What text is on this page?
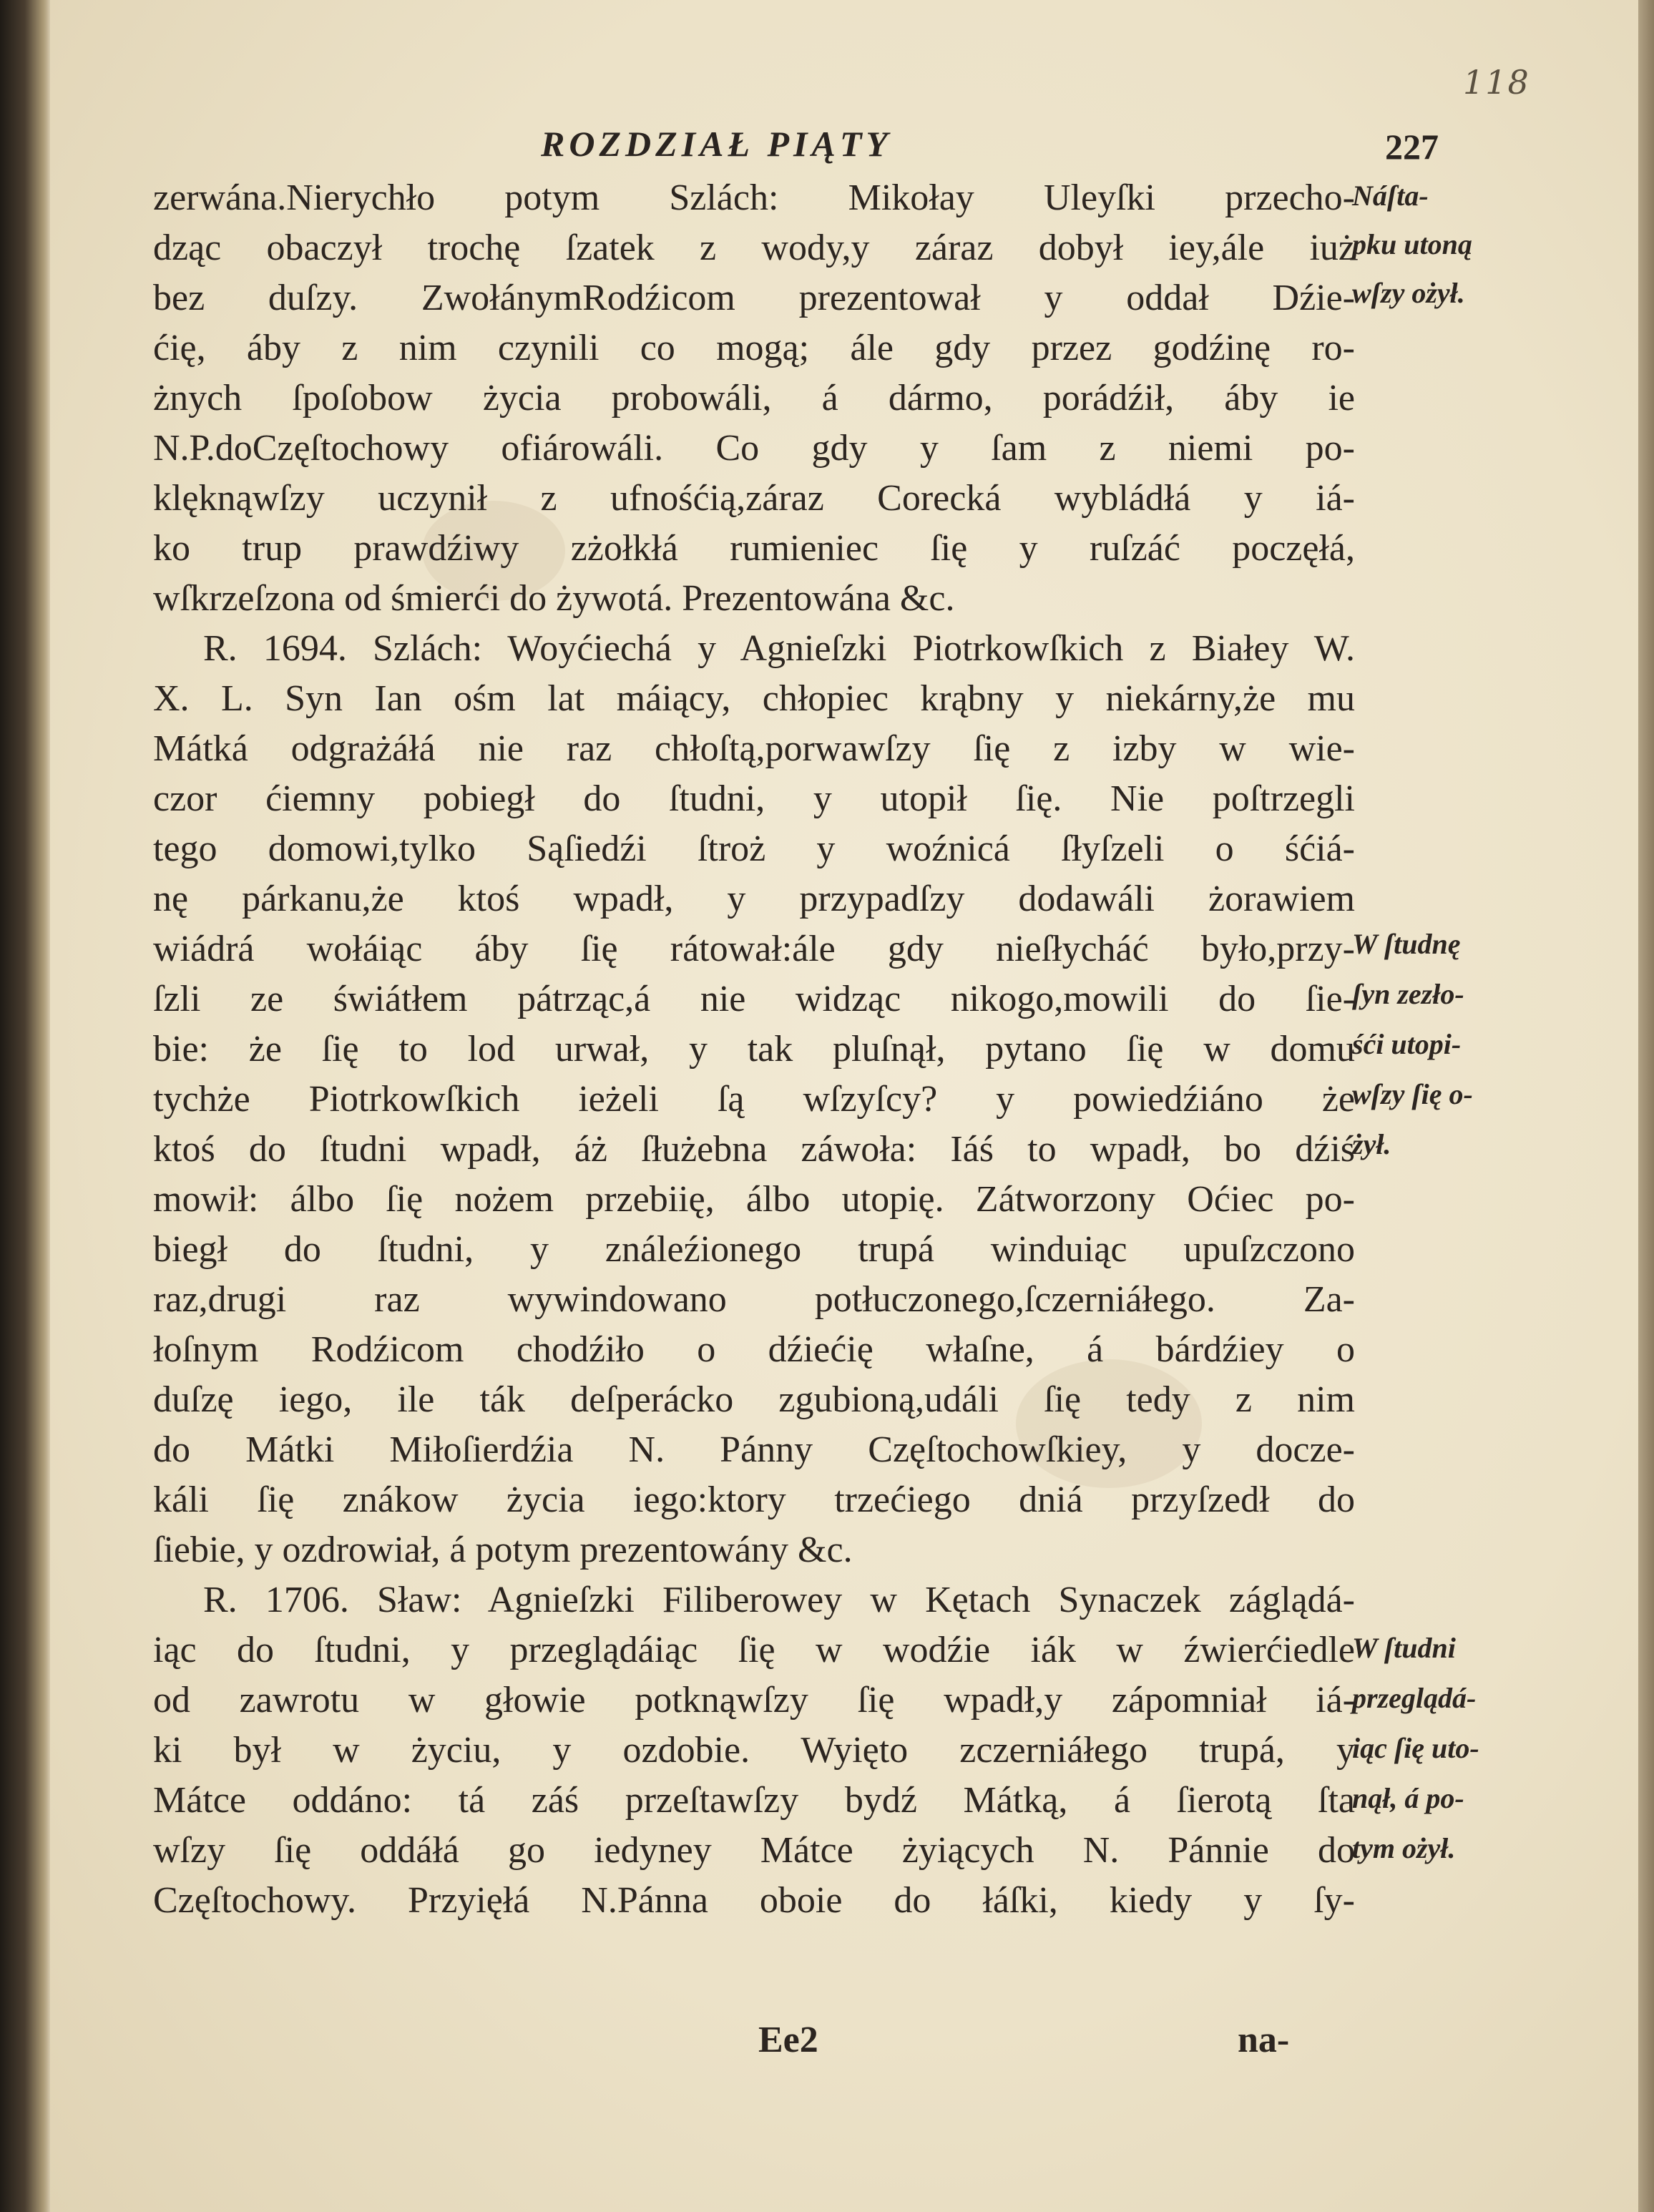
118
ROZDZIAŁ PIĄTY	227
zerwána.Nierychło potym Szlách: Mikołay Uleyſki przecho-
dząc obaczył trochę ſzatek z wody,y záraz dobył iey,ále iuż
bez duſzy. ZwołánymRodźicom prezentował y oddał Dźie-
ćię, áby z nim czynili co mogą; ále gdy przez godźinę ro-
żnych ſpoſobow życia probowáli, á dármo, porádźił, áby ie
N.P.doCzęſtochowy ofiárowáli. Co gdy y ſam z niemi po-
klęknąwſzy uczynił z ufnośćią,záraz Corecká wybládłá y iá-
ko trup prawdźiwy zżołkłá rumieniec ſię y ruſzáć poczęłá,
wſkrzeſzona od śmierći do żywotá. Prezentowána &c.
R. 1694. Szlách: Woyćiechá y Agnieſzki Piotrkowſkich z Białey W.
X. L. Syn Ian ośm lat máiący, chłopiec krąbny y niekárny,że mu
Mátká odgrażáłá nie raz chłoſtą,porwawſzy ſię z izby w wie-
czor ćiemny pobiegł do ſtudni, y utopił ſię. Nie poſtrzegli
tego domowi,tylko Sąſiedźi ſtroż y woźnicá ſłyſzeli o śćiá-
nę párkanu,że ktoś wpadł, y przypadſzy dodawáli żorawiem
wiádrá wołáiąc áby ſię rátował:ále gdy nieſłycháć było,przy-
ſzli ze świátłem pátrząc,á nie widząc nikogo,mowili do ſie-
bie: że ſię to lod urwał, y tak pluſnął, pytano ſię w domu
tychże Piotrkowſkich ieżeli ſą wſzyſcy? y powiedźiáno że
ktoś do ſtudni wpadł, áż ſłużebna záwoła: Iáś to wpadł, bo dźiś
mowił: álbo ſię nożem przebiię, álbo utopię. Zátworzony Oćiec po-
biegł do ſtudni, y ználeźionego trupá winduiąc upuſzczono
raz,drugi raz wywindowano potłuczonego,ſczerniáłego. Za-
łoſnym Rodźicom chodźiło o dźiećię właſne, á bárdźiey o
duſzę iego, ile ták deſperácko zgubioną,událi ſię tedy z nim
do Mátki Miłoſierdźia N. Pánny Częſtochowſkiey, y docze-
káli ſię znákow życia iego:ktory trzećiego dniá przyſzedł do
ſiebie, y ozdrowiał, á potym prezentowány &c.
R. 1706. Sław: Agnieſzki Filiberowey w Kętach Synaczek záglądá-
iąc do ſtudni, y przeglądáiąc ſię w wodźie iák w źwierćiedle
od zawrotu w głowie potknąwſzy ſię wpadł,y zápomniał iá-
ki był w życiu, y ozdobie. Wyięto zczerniáłego trupá, y
Mátce oddáno: tá záś przeſtawſzy bydź Mátką, á ſierotą ſta
wſzy ſię oddáłá go iedyney Mátce żyiących N. Pánnie do
Częſtochowy. Przyięłá N.Pánna oboie do łáſki, kiedy y ſy-
Náſta-
pku utoną
wſzy ożył.
W ſtudnę
ſyn zezło-
śći utopi-
wſzy ſię o-
żył.
W ſtudni
przeglądá-
iąc ſię uto-
nął, á po-
tym ożył.
Ee2	na-
